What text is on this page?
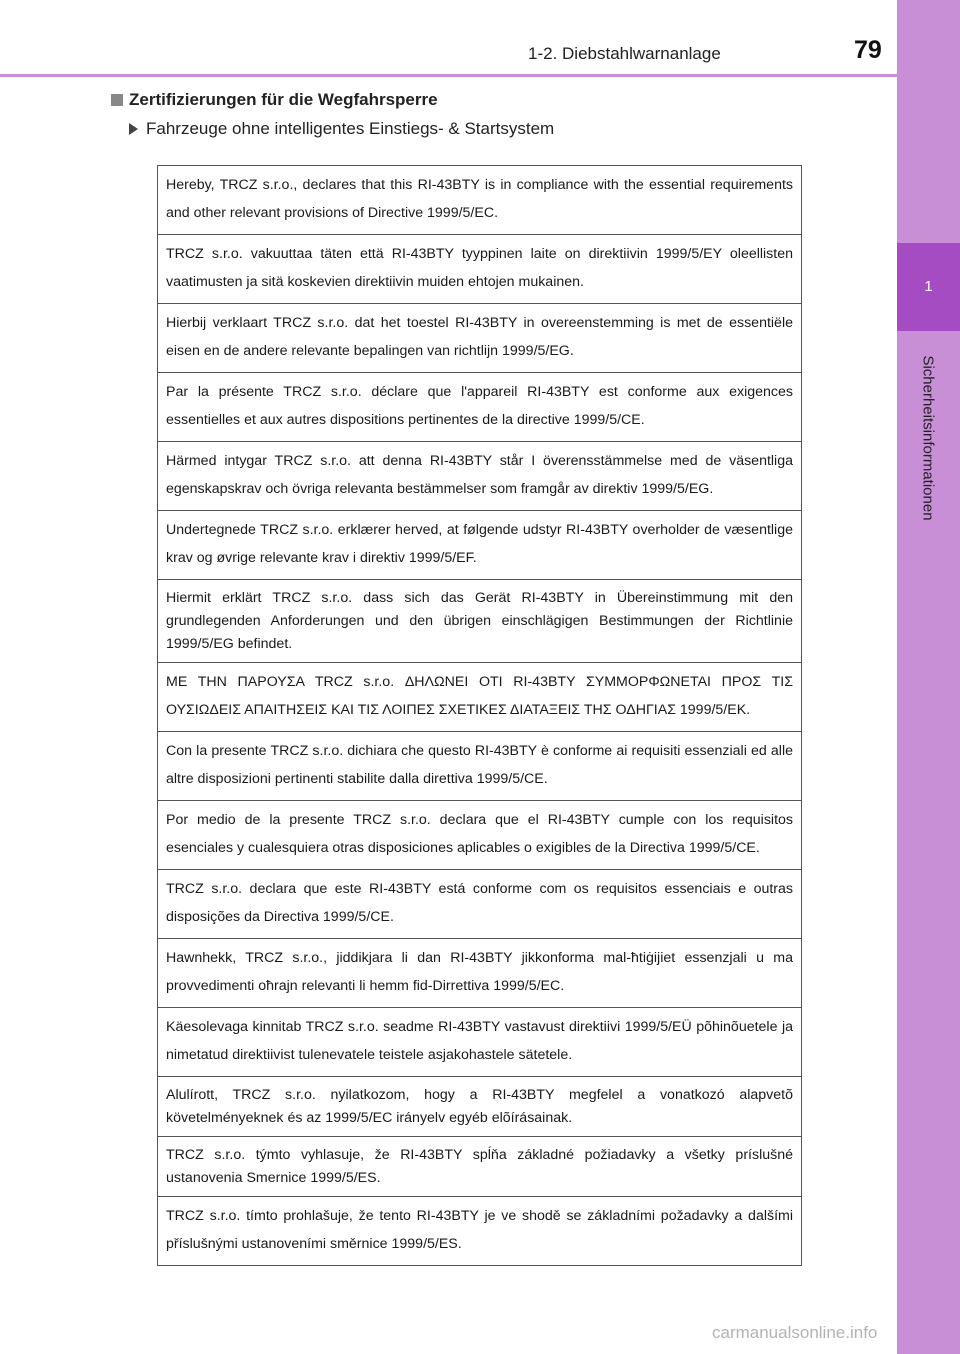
1-2. Diebstahlwarnanlage	79
1
Sicherheitsinformationen
Zertifizierungen für die Wegfahrsperre
Fahrzeuge ohne intelligentes Einstiegs- & Startsystem
Hereby, TRCZ s.r.o., declares that this RI-43BTY is in compliance with the essential requirements and other relevant provisions of Directive 1999/5/EC.
TRCZ s.r.o. vakuuttaa täten että RI-43BTY tyyppinen laite on direktiivin 1999/5/EY oleellisten vaatimusten ja sitä koskevien direktiivin muiden ehtojen mukainen.
Hierbij verklaart TRCZ s.r.o. dat het toestel RI-43BTY in overeenstemming is met de essentiële eisen en de andere relevante bepalingen van richtlijn 1999/5/EG.
Par la présente TRCZ s.r.o. déclare que l'appareil RI-43BTY est conforme aux exigences essentielles et aux autres dispositions pertinentes de la directive 1999/5/CE.
Härmed intygar TRCZ s.r.o. att denna RI-43BTY står I överensstämmelse med de väsentliga egenskapskrav och övriga relevanta bestämmelser som framgår av direktiv 1999/5/EG.
Undertegnede TRCZ s.r.o. erklærer herved, at følgende udstyr RI-43BTY overholder de væsentlige krav og øvrige relevante krav i direktiv 1999/5/EF.
Hiermit erklärt TRCZ s.r.o. dass sich das Gerät RI-43BTY in Übereinstimmung mit den grundlegenden Anforderungen und den übrigen einschlägigen Bestimmungen der Richtlinie 1999/5/EG befindet.
ΜΕ ΤΗΝ ΠΑΡΟΥΣΑ TRCZ s.r.o. ΔΗΛΩΝΕΙ ΟΤΙ RI-43BTY ΣΥΜΜΟΡΦΩΝΕΤΑΙ ΠΡΟΣ ΤΙΣ ΟΥΣΙΩΔΕΙΣ ΑΠΑΙΤΗΣΕΙΣ ΚΑΙ ΤΙΣ ΛΟΙΠΕΣ ΣΧΕΤΙΚΕΣ ΔΙΑΤΑΞΕΙΣ ΤΗΣ ΟΔΗΓΙΑΣ 1999/5/ΕΚ.
Con la presente TRCZ s.r.o. dichiara che questo RI-43BTY è conforme ai requisiti essenziali ed alle altre disposizioni pertinenti stabilite dalla direttiva 1999/5/CE.
Por medio de la presente TRCZ s.r.o. declara que el RI-43BTY cumple con los requisitos esenciales y cualesquiera otras disposiciones aplicables o exigibles de la Directiva 1999/5/CE.
TRCZ s.r.o. declara que este RI-43BTY está conforme com os requisitos essenciais e outras disposições da Directiva 1999/5/CE.
Hawnhekk, TRCZ s.r.o., jiddikjara li dan RI-43BTY jikkonforma mal-ħtiġijiet essenzjali u ma provvedimenti oħrajn relevanti li hemm fid-Dirrettiva 1999/5/EC.
Käesolevaga kinnitab TRCZ s.r.o. seadme RI-43BTY vastavust direktiivi 1999/5/EÜ põhinõuetele ja nimetatud direktiivist tulenevatele teistele asjakohastele sätetele.
Alulírott, TRCZ s.r.o. nyilatkozom, hogy a RI-43BTY megfelel a vonatkozó alapvetõ követelményeknek és az 1999/5/EC irányelv egyéb elõírásainak.
TRCZ s.r.o. týmto vyhlasuje, že RI-43BTY spĺňa základné požiadavky a všetky príslušné ustanovenia Smernice 1999/5/ES.
TRCZ s.r.o. tímto prohlašuje, že tento RI-43BTY je ve shodě se základními požadavky a dalšími příslušnými ustanoveními směrnice 1999/5/ES.
carmanualsonline.info
